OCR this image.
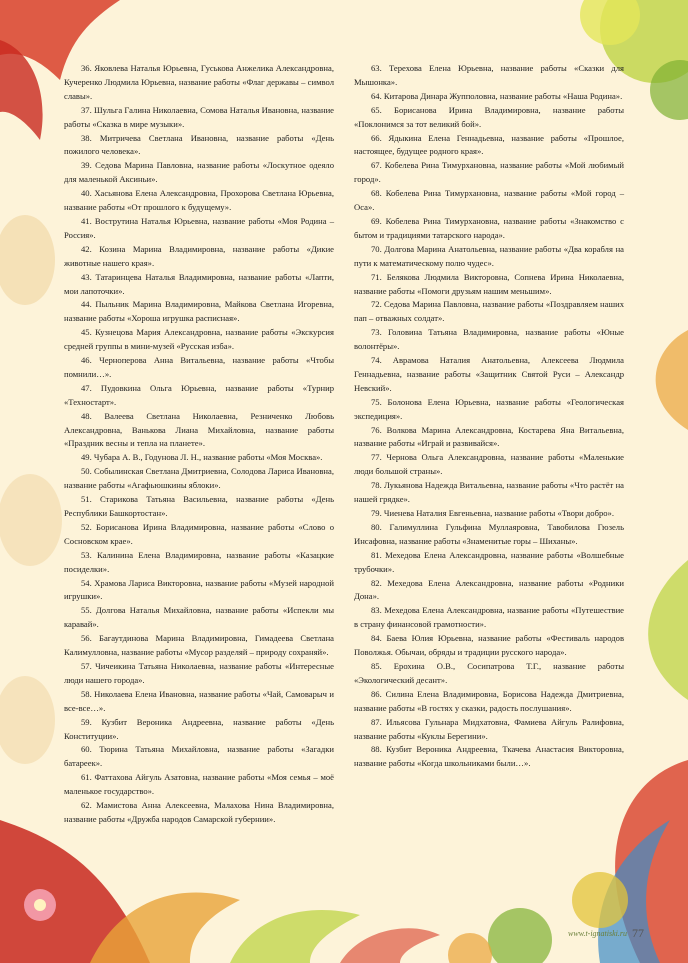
36. Яковлева Наталья Юрьевна, Гуськова Анжелика Александровна, Кучеренко Людмила Юрьевна, название работы «Флаг державы – символ славы».

37. Шульга Галина Николаевна, Сомова Наталья Ивановна, название работы «Сказка в мире музыки».

38. Митричева Светлана Ивановна, название работы «День пожилого человека».

39. Седова Марина Павловна, название работы «Лоскутное одеяло для маленькой Аксиньи».

40. Хасьянова Елена Александровна, Прохорова Светлана Юрьевна, название работы «От прошлого к будущему».

41. Вострутина Наталья Юрьевна, название работы «Моя Родина – Россия».

42. Козина Марина Владимировна, название работы «Дикие животные нашего края».

43. Татаринцева Наталья Владимировна, название работы «Лапти, мои лапоточки».

44. Пыльник Марина Владимировна, Майкова Светлана Игоревна, название работы «Хороша игрушка расписная».

45. Кузнецова Мария Александровна, название работы «Экскурсия средней группы в мини-музей «Русская изба».

46. Черноперова Анна Витальевна, название работы «Чтобы помнили…».

47. Пудовкина Ольга Юрьевна, название работы «Турнир «Техностарт».

48. Валеева Светлана Николаевна, Резниченко Любовь Александровна, Ванькова Лиана Михайловна, название работы «Праздник весны и тепла на планете».

49. Чубара А. В., Годунова Л. Н., название работы «Моя Москва».

50. Собылинская Светлана Дмитриевна, Солодова Лариса Ивановна, название работы «Агафьюшкины яблоки».

51. Старикова Татьяна Васильевна, название работы «День Республики Башкортостан».

52. Борисанова Ирина Владимировна, название работы «Слово о Сосновском крае».

53. Калинина Елена Владимировна, название работы «Казацкие посиделки».

54. Храмова Лариса Викторовна, название работы «Музей народной игрушки».

55. Долгова Наталья Михайловна, название работы «Испекли мы каравай».

56. Багаутдинова Марина Владимировна, Гимадеева Светлана Калимулловна, название работы «Мусор разделяй – природу сохраняй».

57. Чичеикина Татьяна Николаевна, название работы «Интересные люди нашего города».

58. Николаева Елена Ивановна, название работы «Чай, Самоварыч и все-все…».

59. Кузбит Вероника Андреевна, название работы «День Конституции».

60. Тюрина Татьяна Михайловна, название работы «Загадки батареек».

61. Фаттахова Айгуль Азатовна, название работы «Моя семья – моё маленькое государство».

62. Мамистова Анна Алексеевна, Малахова Нина Владимировна, название работы «Дружба народов Самарской губернии».

63. Терехова Елена Юрьевна, название работы «Сказки для Мышонка».

64. Китарова Динара Жупполовна, название работы «Наша Родина».

65. Борисанова Ирина Владимировна, название работы «Поклонимся за тот великий бой».

66. Ядыкина Елена Геннадьевна, название работы «Прошлое, настоящее, будущее родного края».

67. Кобелева Рина Тимурхановна, название работы «Мой любимый город».

68. Кобелева Рина Тимурхановна, название работы «Мой город – Оса».

69. Кобелева Рина Тимурхановна, название работы «Знакомство с бытом и традициями татарского народа».

70. Долгова Марина Анатольевна, название работы «Два корабля на пути к математическому полю чудес».

71. Белякова Людмила Викторовна, Сопнева Ирина Николаевна, название работы «Помоги друзьям нашим меньшим».

72. Седова Марина Павловна, название работы «Поздравляем наших пап – отважных солдат».

73. Головина Татьяна Владимировна, название работы «Юные волонтёры».

74. Аврамова Наталия Анатольевна, Алексеева Людмила Геннадьевна, название работы «Защитник Святой Руси – Александр Невский».

75. Болонова Елена Юрьевна, название работы «Геологическая экспедиция».

76. Волкова Марина Александровна, Костарева Яна Витальевна, название работы «Играй и развивайся».

77. Чернова Ольга Александровна, название работы «Маленькие люди большой страны».

78. Лукьянова Надежда Витальевна, название работы «Что растёт на нашей грядке».

79. Чиенева Наталия Евгеньевна, название работы «Твори добро».

80. Галимуллина Гульфина Муллаяровна, Тавобилова Гюзель Инсафовна, название работы «Знаменитые горы – Шиханы».

81. Мехедова Елена Александровна, название работы «Волшебные трубочки».

82. Мехедова Елена Александровна, название работы «Родники Дона».

83. Мехедова Елена Александровна, название работы «Путешествие в страну финансовой грамотности».

84. Баева Юлия Юрьевна, название работы «Фестиваль народов Поволжья. Обычаи, обряды и традиции русского народа».

85. Ерохина О.В., Сосипатрова Т.Г., название работы «Экологический десант».

86. Силина Елена Владимировна, Борисова Надежда Дмитриевна, название работы «В гостях у сказки, радость послушания».

87. Ильясова Гульнара Мидхатовна, Фамиева Айгуль Ралифовна, название работы «Куклы Берегини».

88. Кузбит Вероника Андреевна, Ткачева Анастасия Викторовна, название работы «Когда школьниками были…».

www.t-ignatiski.ru 77
